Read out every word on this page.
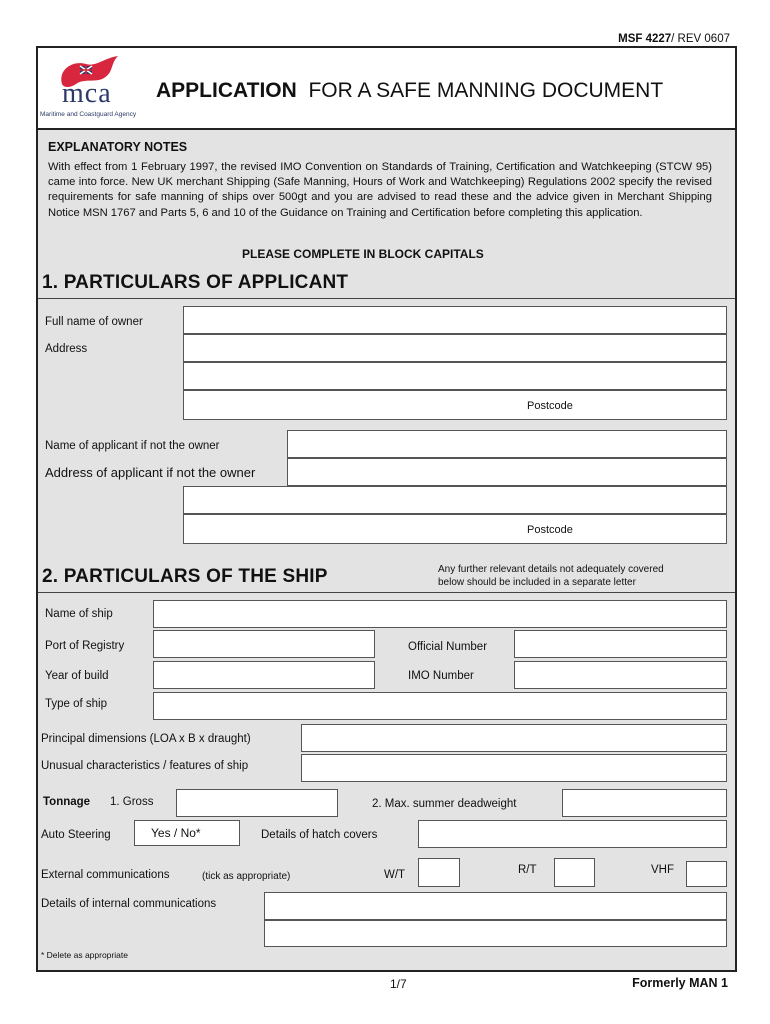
MSF 4227/ REV 0607
mca
Maritime and Coastguard Agency
APPLICATION FOR A SAFE MANNING DOCUMENT
EXPLANATORY NOTES
With effect from 1 February 1997, the revised IMO Convention on Standards of Training, Certification and Watchkeeping (STCW 95) came into force. New UK merchant Shipping (Safe Manning, Hours of Work and Watchkeeping) Regulations 2002 specify the revised requirements for safe manning of ships over 500gt and you are advised to read these and the advice given in Merchant Shipping Notice MSN 1767 and Parts 5, 6 and 10 of the Guidance on Training and Certification before completing this application.
PLEASE COMPLETE IN BLOCK CAPITALS
1. PARTICULARS OF APPLICANT
Full name of owner
Address
Postcode
Name of applicant if not the owner
Address of applicant if not the owner
Postcode
2. PARTICULARS OF THE SHIP	Any further relevant details not adequately covered
below should be included in a separate letter
Name of ship
Port of Registry	Official Number
Year of build	IMO Number
Type of ship
Principal dimensions (LOA x B x draught)
Unusual characteristics / features of ship
Tonnage 1. Gross	2. Max. summer deadweight
Auto Steering	Yes / No*	Details of hatch covers
External communications	(tick as appropriate)	W/T	R/T	VHF
Details of internal communications
* Delete as appropriate
1/7	Formerly MAN 1
